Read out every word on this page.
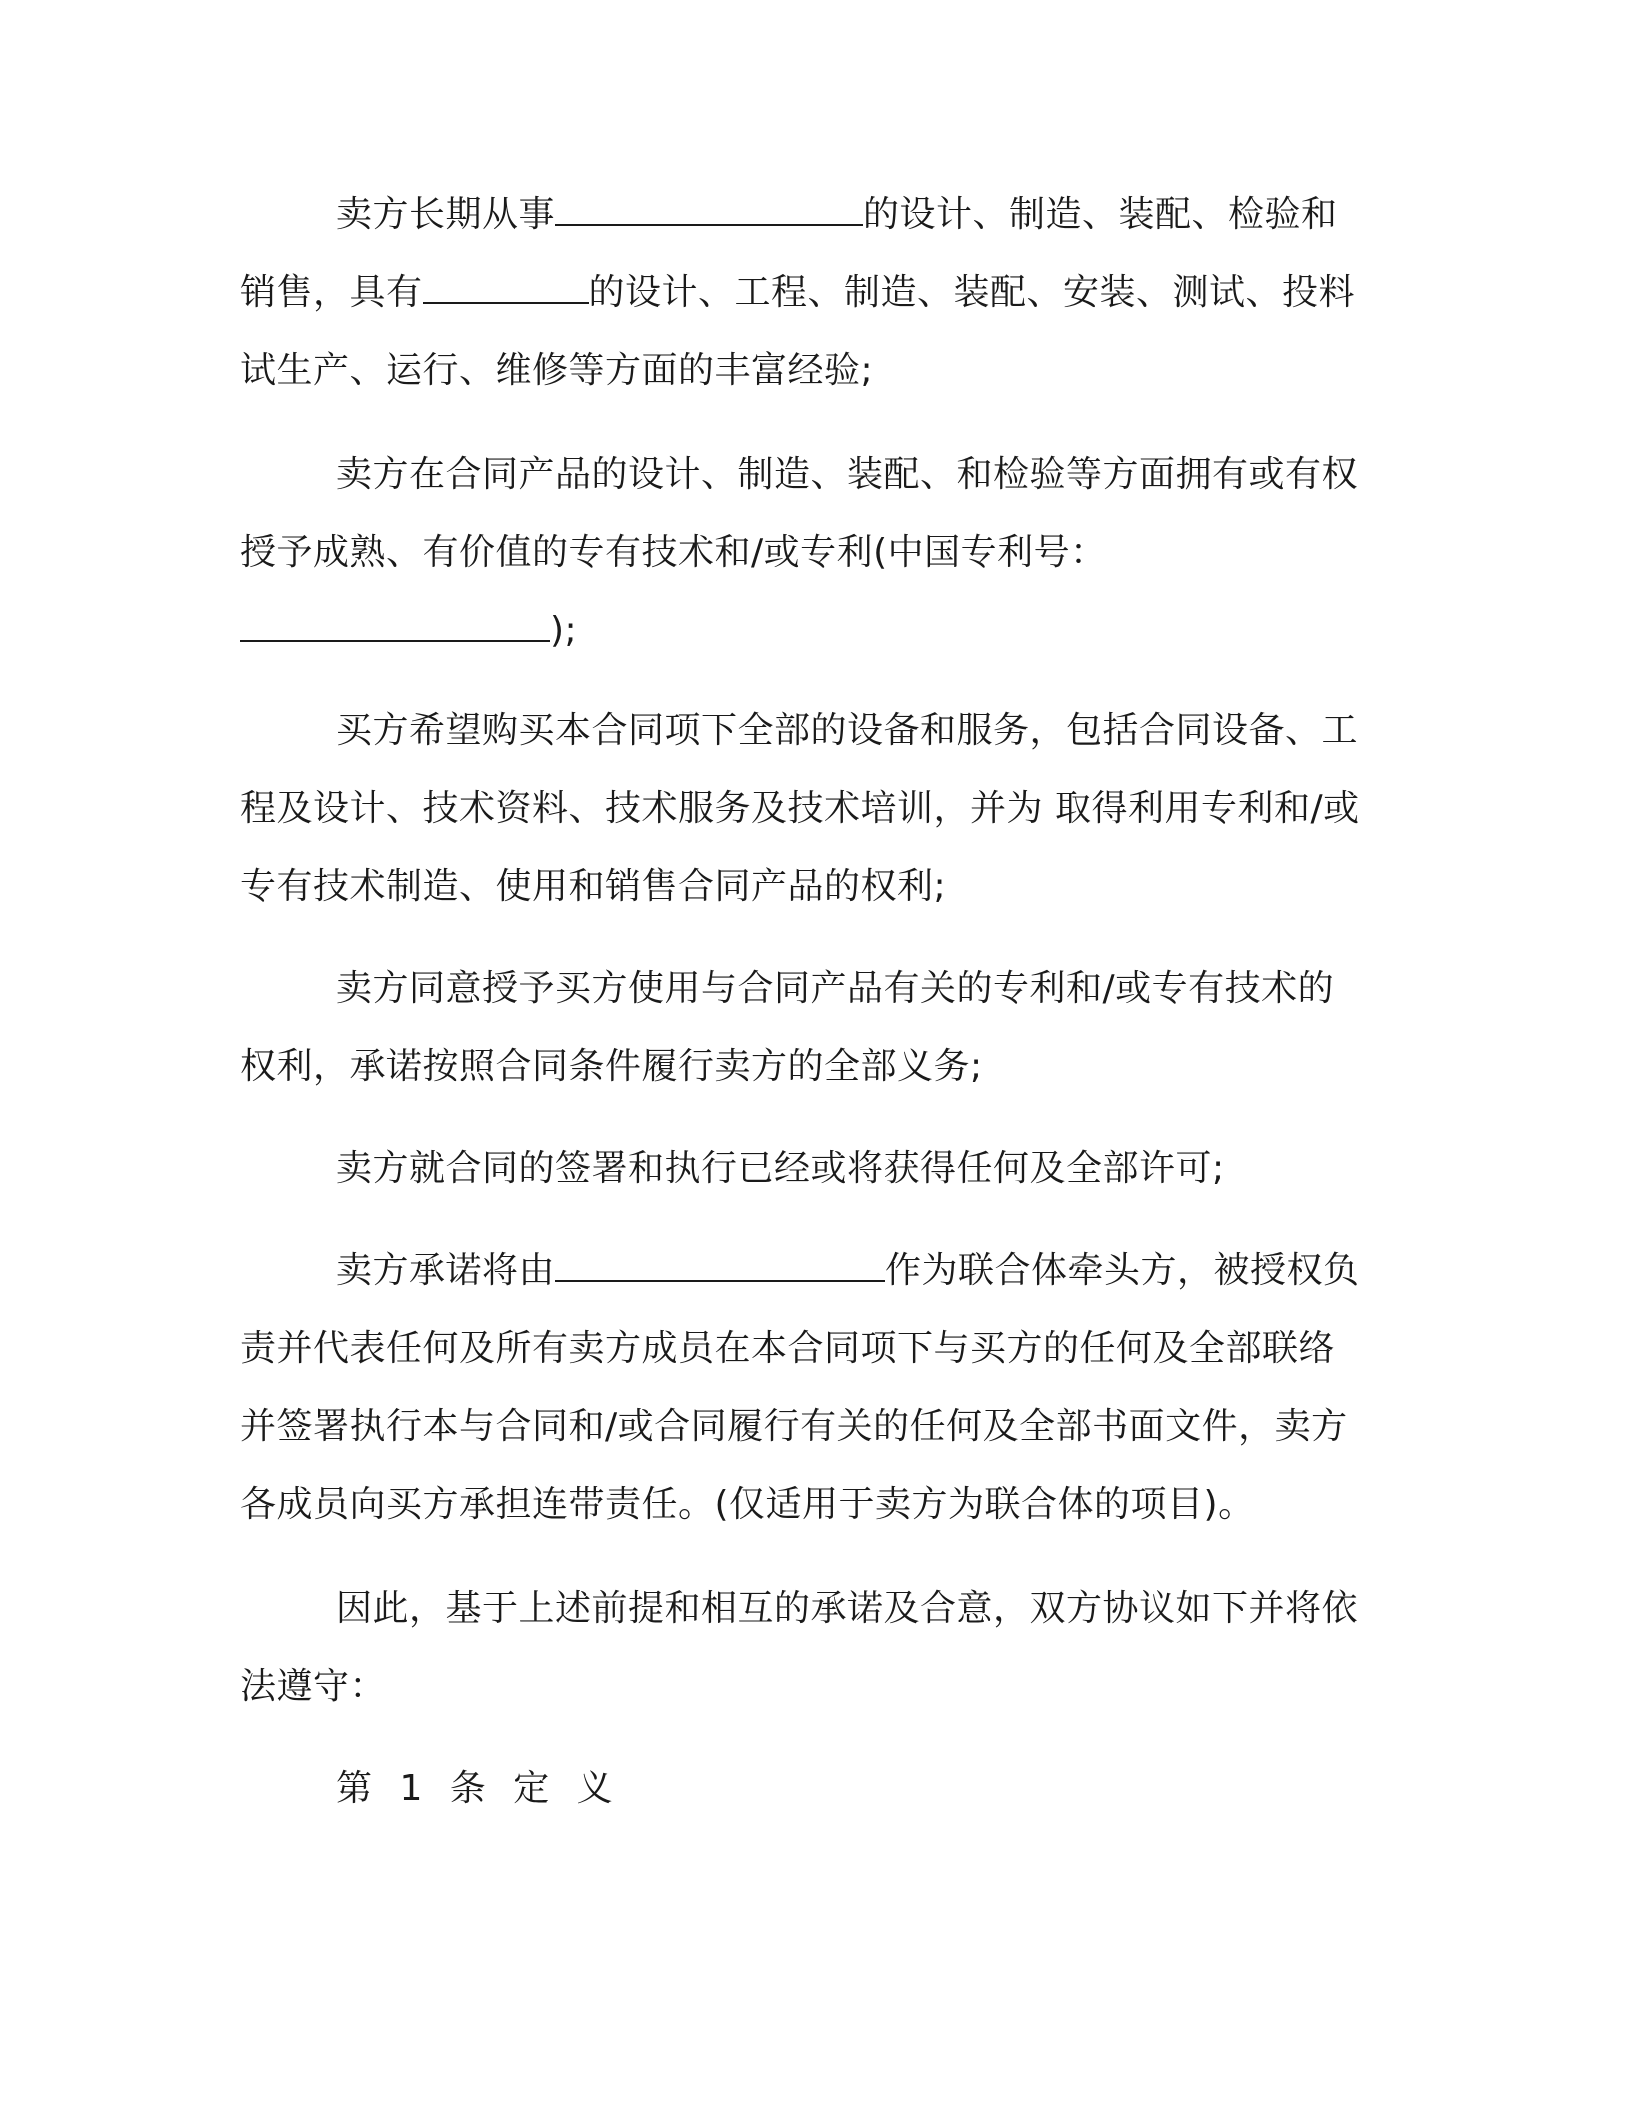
卖方长期从事	的设计、制造、装配、检验和
销售，具有	的设计、工程、制造、装配、安装、测试、投料
试生产、运行、维修等方面的丰富经验;
卖方在合同产品的设计、制造、装配、和检验等方面拥有或有权
授予成熟、有价值的专有技术和/或专利(中国专利号：
);
买方希望购买本合同项下全部的设备和服务，包括合同设备、工
程及设计、技术资料、技术服务及技术培训，并为 取得利用专利和/或
专有技术制造、使用和销售合同产品的权利;
卖方同意授予买方使用与合同产品有关的专利和/或专有技术的
权利，承诺按照合同条件履行卖方的全部义务;
卖方就合同的签署和执行已经或将获得任何及全部许可;
卖方承诺将由	作为联合体牵头方，被授权负
责并代表任何及所有卖方成员在本合同项下与买方的任何及全部联络
并签署执行本与合同和/或合同履行有关的任何及全部书面文件，卖方
各成员向买方承担连带责任。(仅适用于卖方为联合体的项目)。
因此，基于上述前提和相互的承诺及合意，双方协议如下并将依
法遵守：
第 1 条 定 义
